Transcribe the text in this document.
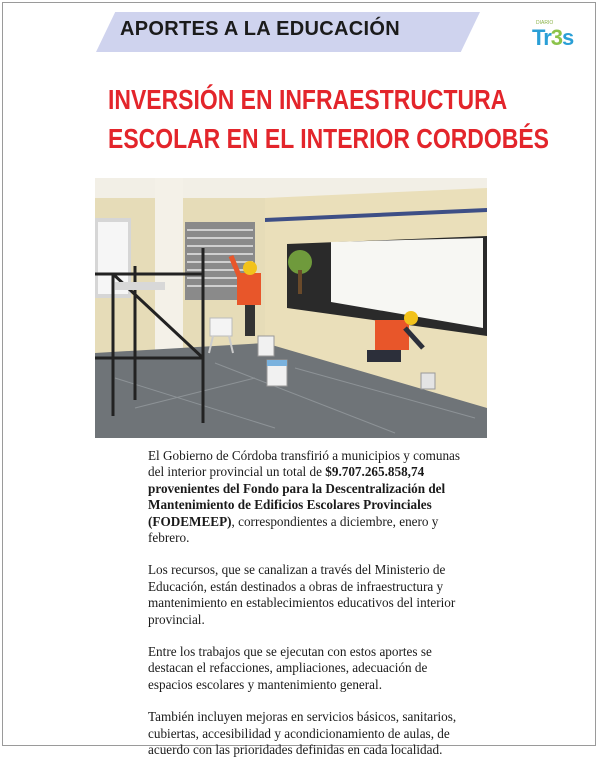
APORTES A LA EDUCACIÓN	DIARIO
Tr3s
INVERSIÓN EN INFRAESTRUCTURA
ESCOLAR EN EL INTERIOR CORDOBÉS

El Gobierno de Córdoba transfirió a municipios y comunas del interior provincial un total de $9.707.265.858,74 provenientes del Fondo para la Descentralización del Mantenimiento de Edificios Escolares Provinciales (FODEMEEP), correspondientes a diciembre, enero y febrero.

Los recursos, que se canalizan a través del Ministerio de Educación, están destinados a obras de infraestructura y mantenimiento en establecimientos educativos del interior provincial.

Entre los trabajos que se ejecutan con estos aportes se destacan el refacciones, ampliaciones, adecuación de espacios escolares y mantenimiento general.

También incluyen mejoras en servicios básicos, sanitarios, cubiertas, accesibilidad y acondicionamiento de aulas, de acuerdo con las prioridades definidas en cada localidad.
